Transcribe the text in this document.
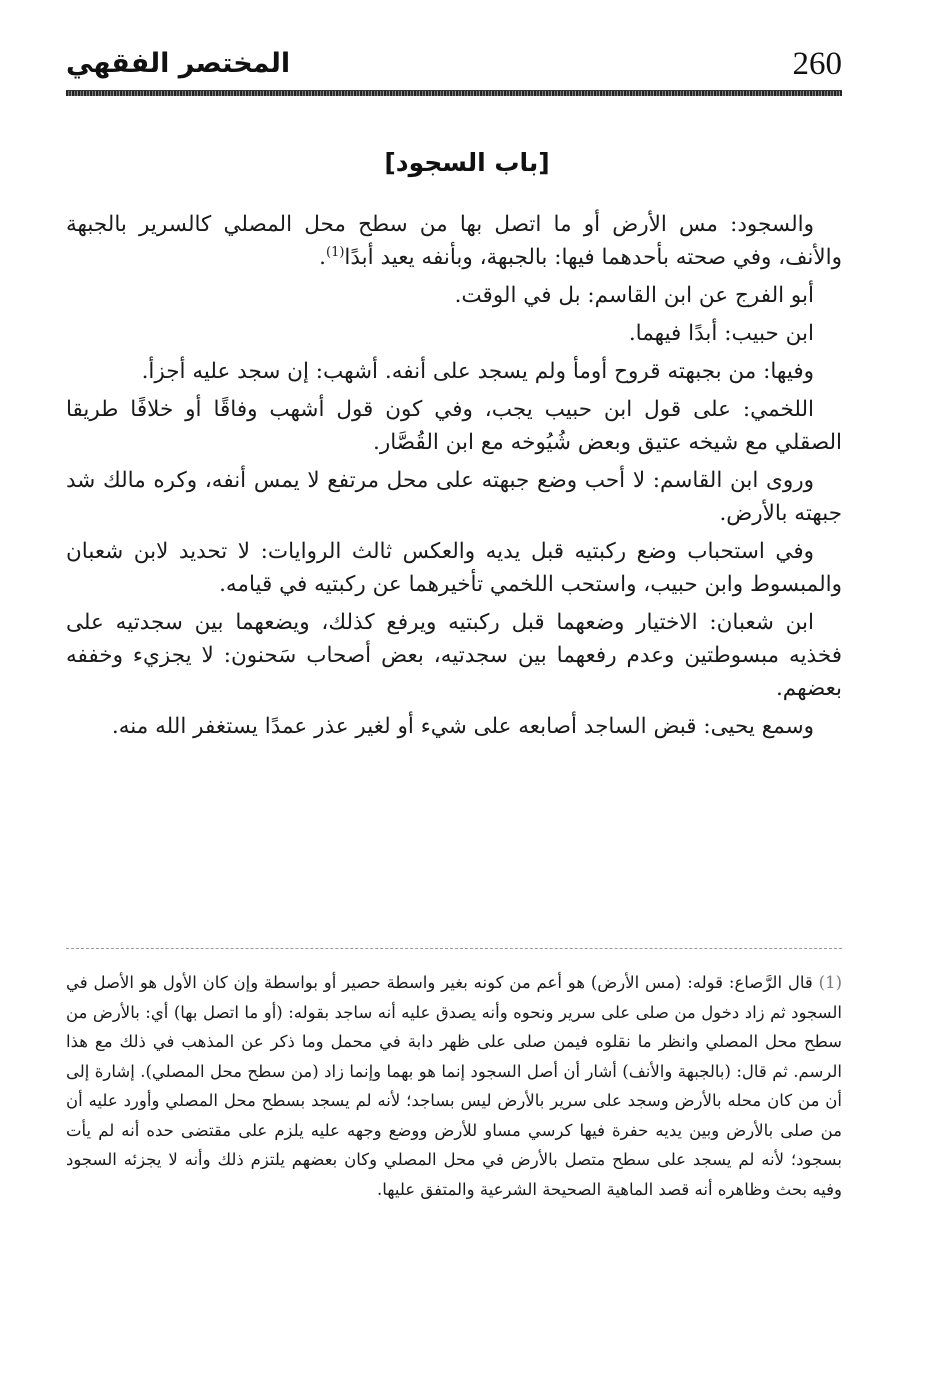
260
المختصر الفقهي
[باب السجود]

والسجود: مس الأرض أو ما اتصل بها من سطح محل المصلي كالسرير بالجبهة والأنف، وفي صحته بأحدهما فيها: بالجبهة، وبأنفه يعيد أبدًا$^{(1)}$.

أبو الفرج عن ابن القاسم: بل في الوقت.

ابن حبيب: أبدًا فيهما.

وفيها: من بجبهته قروح أومأ ولم يسجد على أنفه. أشهب: إن سجد عليه أجزأ.

اللخمي: على قول ابن حبيب يجب، وفي كون قول أشهب وفاقًا أو خلافًا طريقا الصقلي مع شيخه عتيق وبعض شُيُوخه مع ابن القُصَّار.

وروى ابن القاسم: لا أحب وضع جبهته على محل مرتفع لا يمس أنفه، وكره مالك شد جبهته بالأرض.

وفي استحباب وضع ركبتيه قبل يديه والعكس ثالث الروايات: لا تحديد لابن شعبان والمبسوط وابن حبيب، واستحب اللخمي تأخيرهما عن ركبتيه في قيامه.

ابن شعبان: الاختيار وضعهما قبل ركبتيه ويرفع كذلك، ويضعهما بين سجدتيه على فخذيه مبسوطتين وعدم رفعهما بين سجدتيه، بعض أصحاب سَحنون: لا يجزيء وخففه بعضهم.

وسمع يحيى: قبض الساجد أصابعه على شيء أو لغير عذر عمدًا يستغفر الله منه.

(1) قال الرَّصاع: قوله: (مس الأرض) هو أعم من كونه بغير واسطة حصير أو بواسطة وإن كان الأول هو الأصل في السجود ثم زاد دخول من صلى على سرير ونحوه وأنه يصدق عليه أنه ساجد بقوله: (أو ما اتصل بها) أي: بالأرض من سطح محل المصلي وانظر ما نقلوه فيمن صلى على ظهر دابة في محمل وما ذكر عن المذهب في ذلك مع هذا الرسم. ثم قال: (بالجبهة والأنف) أشار أن أصل السجود إنما هو بهما وإنما زاد (من سطح محل المصلي). إشارة إلى أن من كان محله بالأرض وسجد على سرير بالأرض ليس بساجد؛ لأنه لم يسجد بسطح محل المصلي وأورد عليه أن من صلى بالأرض وبين يديه حفرة فيها كرسي مساو للأرض ووضع وجهه عليه يلزم على مقتضى حده أنه لم يأت بسجود؛ لأنه لم يسجد على سطح متصل بالأرض في محل المصلي وكان بعضهم يلتزم ذلك وأنه لا يجزئه السجود وفيه بحث وظاهره أنه قصد الماهية الصحيحة الشرعية والمتفق عليها.
